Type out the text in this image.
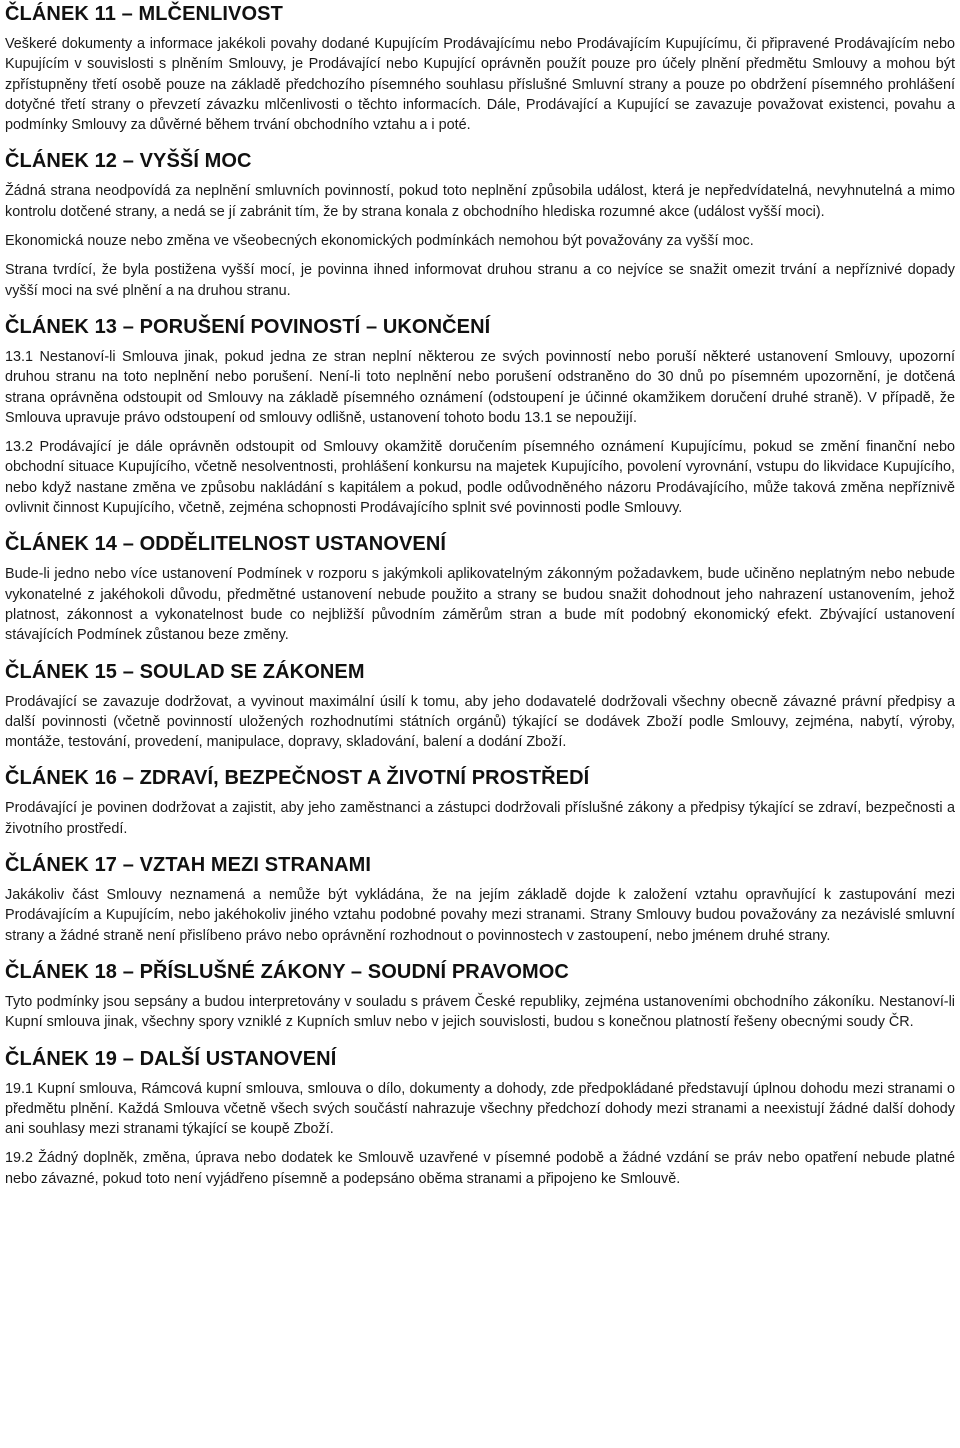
ČLÁNEK 11 – MLČENLIVOST

Veškeré dokumenty a informace jakékoli povahy dodané Kupujícím Prodávajícímu nebo Prodávajícím Kupujícímu, či připravené Prodávajícím nebo Kupujícím v souvislosti s plněním Smlouvy, je Prodávající nebo Kupující oprávněn použít pouze pro účely plnění předmětu Smlouvy a mohou být zpřístupněny třetí osobě pouze na základě předchozího písemného souhlasu příslušné Smluvní strany a pouze po obdržení písemného prohlášení dotyčné třetí strany o převzetí závazku mlčenlivosti o těchto informacích. Dále, Prodávající a Kupující se zavazuje považovat existenci, povahu a podmínky Smlouvy za důvěrné během trvání obchodního vztahu a i poté.

ČLÁNEK 12 – VYŠŠÍ MOC

Žádná strana neodpovídá za neplnění smluvních povinností, pokud toto neplnění způsobila událost, která je nepředvídatelná, nevyhnutelná a mimo kontrolu dotčené strany, a nedá se jí zabránit tím, že by strana konala z obchodního hlediska rozumné akce (událost vyšší moci).

Ekonomická nouze nebo změna ve všeobecných ekonomických podmínkách nemohou být považovány za vyšší moc.

Strana tvrdící, že byla postižena vyšší mocí, je povinna ihned informovat druhou stranu a co nejvíce se snažit omezit trvání a nepříznivé dopady vyšší moci na své plnění a na druhou stranu.

ČLÁNEK 13 – PORUŠENÍ POVINOSTÍ – UKONČENÍ

13.1 Nestanoví-li Smlouva jinak, pokud jedna ze stran neplní některou ze svých povinností nebo poruší některé ustanovení Smlouvy, upozorní druhou stranu na toto neplnění nebo porušení. Není-li toto neplnění nebo porušení odstraněno do 30 dnů po písemném upozornění, je dotčená strana oprávněna odstoupit od Smlouvy na základě písemného oznámení (odstoupení je účinné okamžikem doručení druhé straně). V případě, že Smlouva upravuje právo odstoupení od smlouvy odlišně, ustanovení tohoto bodu 13.1 se nepoužijí.

13.2 Prodávající je dále oprávněn odstoupit od Smlouvy okamžitě doručením písemného oznámení Kupujícímu, pokud se změní finanční nebo obchodní situace Kupujícího, včetně nesolventnosti, prohlášení konkursu na majetek Kupujícího, povolení vyrovnání, vstupu do likvidace Kupujícího, nebo když nastane změna ve způsobu nakládání s kapitálem a pokud, podle odůvodněného názoru Prodávajícího, může taková změna nepříznivě ovlivnit činnost Kupujícího, včetně, zejména schopnosti Prodávajícího splnit své povinnosti podle Smlouvy.

ČLÁNEK 14 – ODDĚLITELNOST USTANOVENÍ

Bude-li jedno nebo více ustanovení Podmínek v rozporu s jakýmkoli aplikovatelným zákonným požadavkem, bude učiněno neplatným nebo nebude vykonatelné z jakéhokoli důvodu, předmětné ustanovení nebude použito a strany se budou snažit dohodnout jeho nahrazení ustanovením, jehož platnost, zákonnost a vykonatelnost bude co nejbližší původním záměrům stran a bude mít podobný ekonomický efekt. Zbývající ustanovení stávajících Podmínek zůstanou beze změny.

ČLÁNEK 15 – SOULAD SE ZÁKONEM

Prodávající se zavazuje dodržovat, a vyvinout maximální úsilí k tomu, aby jeho dodavatelé dodržovali všechny obecně závazné právní předpisy a další povinnosti (včetně povinností uložených rozhodnutími státních orgánů) týkající se dodávek Zboží podle Smlouvy, zejména, nabytí, výroby, montáže, testování, provedení, manipulace, dopravy, skladování, balení a dodání Zboží.

ČLÁNEK 16 – ZDRAVÍ, BEZPEČNOST A ŽIVOTNÍ PROSTŘEDÍ

Prodávající je povinen dodržovat a zajistit, aby jeho zaměstnanci a zástupci dodržovali příslušné zákony a předpisy týkající se zdraví, bezpečnosti a životního prostředí.

ČLÁNEK 17 – VZTAH MEZI STRANAMI

Jakákoliv část Smlouvy neznamená a nemůže být vykládána, že na jejím základě dojde k založení vztahu opravňující k zastupování mezi Prodávajícím a Kupujícím, nebo jakéhokoliv jiného vztahu podobné povahy mezi stranami. Strany Smlouvy budou považovány za nezávislé smluvní strany a žádné straně není přislíbeno právo nebo oprávnění rozhodnout o povinnostech v zastoupení, nebo jménem druhé strany.

ČLÁNEK 18 – PŘÍSLUŠNÉ ZÁKONY – SOUDNÍ PRAVOMOC

Tyto podmínky jsou sepsány a budou interpretovány v souladu s právem České republiky, zejména ustanoveními obchodního zákoníku. Nestanoví-li Kupní smlouva jinak, všechny spory vzniklé z Kupních smluv nebo v jejich souvislosti, budou s konečnou platností řešeny obecnými soudy ČR.

ČLÁNEK 19 – DALŠÍ USTANOVENÍ

19.1 Kupní smlouva, Rámcová kupní smlouva, smlouva o dílo, dokumenty a dohody, zde předpokládané představují úplnou dohodu mezi stranami o předmětu plnění. Každá Smlouva včetně všech svých součástí nahrazuje všechny předchozí dohody mezi stranami a neexistují žádné další dohody ani souhlasy mezi stranami týkající se koupě Zboží.

19.2 Žádný doplněk, změna, úprava nebo dodatek ke Smlouvě uzavřené v písemné podobě a žádné vzdání se práv nebo opatření nebude platné nebo závazné, pokud toto není vyjádřeno písemně a podepsáno oběma stranami a připojeno ke Smlouvě.
